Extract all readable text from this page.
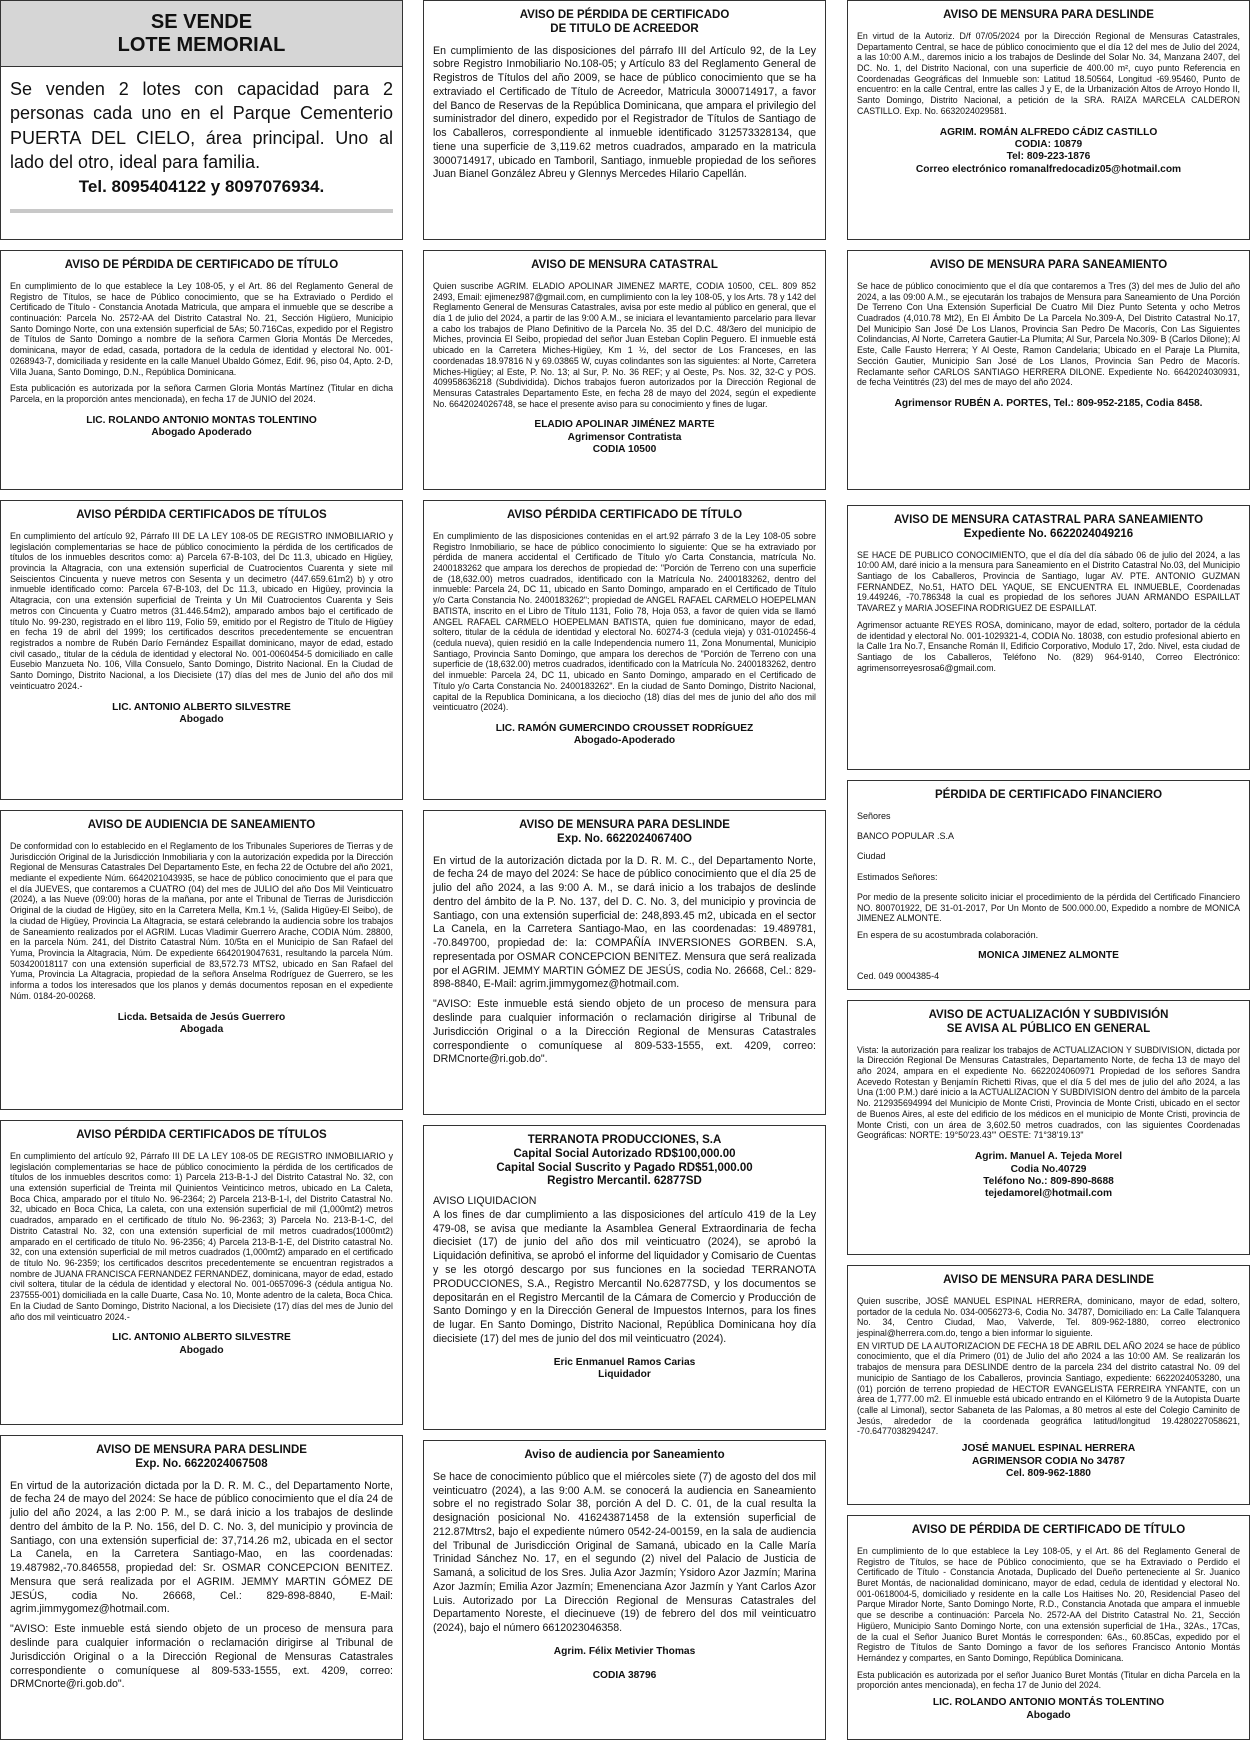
SE VENDE
LOTE MEMORIAL

Se venden 2 lotes con capacidad para 2 personas cada uno en el Parque Cementerio PUERTA DEL CIELO, área principal. Uno al lado del otro, ideal para familia.

Tel. 8095404122 y 8097076934.

AVISO DE PÉRDIDA DE CERTIFICADO DE TÍTULO

En cumplimiento de lo que establece la Ley 108-05, y el Art. 86 del Reglamento General de Registro de Títulos, se hace de Público conocimiento, que se ha Extraviado o Perdido el Certificado de Título - Constancia Anotada Matricula, que ampara el inmueble que se describe a continuación: Parcela No. 2572-AA del Distrito Catastral No. 21, Sección Higüero, Municipio Santo Domingo Norte, con una extensión superficial de 5As; 50.716Cas, expedido por el Registro de Títulos de Santo Domingo a nombre de la señora Carmen Gloria Montás De Mercedes, dominicana, mayor de edad, casada, portadora de la cedula de identidad y electoral No. 001-0268943-7, domiciliada y residente en la calle Manuel Ubaldo Gómez, Edif. 96, piso 04, Apto. 2-D, Villa Juana, Santo Domingo, D.N., República Dominicana.

Esta publicación es autorizada por la señora Carmen Gloria Montás Martínez (Titular en dicha Parcela, en la proporción antes mencionada), en fecha 17 de JUNIO del 2024.

LIC. ROLANDO ANTONIO MONTAS TOLENTINO
Abogado Apoderado
AVISO PÉRDIDA CERTIFICADOS DE TÍTULOS

En cumplimiento del artículo 92, Párrafo III DE LA LEY 108-05 DE REGISTRO INMOBILIARIO y legislación complementarias se hace de público conocimiento la pérdida de los certificados de títulos de los inmuebles descritos como: a) Parcela 67-B-103, del Dc 11.3, ubicado en Higüey, provincia la Altagracia, con una extensión superficial de Cuatrocientos Cuarenta y siete mil Seiscientos Cincuenta y nueve metros con Sesenta y un decimetro (447.659.61m2) b) y otro inmueble identificado como: Parcela 67-B-103, del Dc 11.3, ubicado en Higüey, provincia la Altagracia, con una extensión superficial de Treinta y Un Mil Cuatrocientos Cuarenta y Seis metros con Cincuenta y Cuatro metros (31.446.54m2), amparado ambos bajo el certificado de título No. 99-230, registrado en el libro 119, Folio 59, emitido por el Registro de Título de Higüey en fecha 19 de abril del 1999; los certificados descritos precedentemente se encuentran registrados a nombre de Rubén Darío Fernández Espaillat dominicano, mayor de edad, estado civil casado,, titular de la cédula de identidad y electoral No. 001-0060454-5 domiciliado en calle Eusebio Manzueta No. 106, Villa Consuelo, Santo Domingo, Distrito Nacional. En la Ciudad de Santo Domingo, Distrito Nacional, a los Diecisiete (17) días del mes de Junio del año dos mil veinticuatro 2024.-

LIC. ANTONIO ALBERTO SILVESTRE
Abogado
AVISO DE AUDIENCIA DE SANEAMIENTO

De conformidad con lo establecido en el Reglamento de los Tribunales Superiores de Tierras y de Jurisdicción Original de la Jurisdicción Inmobiliaria y con la autorización expedida por la Dirección Regional de Mensuras Catastrales Del Departamento Este, en fecha 22 de Octubre del año 2021, mediante el expediente Núm. 6642021043935, se hace de público conocimiento que el para que el día JUEVES, que contaremos a CUATRO (04) del mes de JULIO del año Dos Mil Veinticuatro (2024), a las Nueve (09:00) horas de la mañana, por ante el Tribunal de Tierras de Jurisdicción Original de la ciudad de Higüey, sito en la Carretera Mella, Km.1 ½, (Salida Higüey-El Seibo), de la ciudad de Higüey, Provincia La Altagracia, se estará celebrando la audiencia sobre los trabajos de Saneamiento realizados por el AGRIM. Lucas Vladimir Guerrero Arache, CODIA Núm. 28800, en la parcela Núm. 241, del Distrito Catastral Núm. 10/5ta en el Municipio de San Rafael del Yuma, Provincia la Altagracia, Núm. De expediente 6642019047631, resultando la parcela Núm. 503420018117 con una extensión superficial de 83,572.73 MTS2, ubicado en San Rafael del Yuma, Provincia La Altagracia, propiedad de la señora Anselma Rodríguez de Guerrero, se les informa a todos los interesados que los planos y demás documentos reposan en el expediente Núm. 0184-20-00268.

Licda. Betsaida de Jesús Guerrero
Abogada
AVISO PÉRDIDA CERTIFICADOS DE TÍTULOS

En cumplimiento del artículo 92, Párrafo III DE LA LEY 108-05 DE REGISTRO INMOBILIARIO y legislación complementarias se hace de público conocimiento la pérdida de los certificados de títulos de los inmuebles descritos como: 1) Parcela 213-B-1-J del Distrito Catastral No. 32, con una extensión superficial de Treinta mil Quinientos Veinticinco metros, ubicado en La Caleta, Boca Chica, amparado por el título No. 96-2364; 2) Parcela 213-B-1-I, del Distrito Catastral No. 32, ubicado en Boca Chica, La caleta, con una extensión superficial de mil (1,000mt2) metros cuadrados, amparado en el certificado de título No. 96-2363; 3) Parcela No. 213-B-1-C, del Distrito Catastral No. 32, con una extensión superficial de mil metros cuadrados(1000mt2) amparado en el certificado de título No. 96-2356; 4) Parcela 213-B-1-E, del Distrito catastral No. 32, con una extensión superficial de mil metros cuadrados (1,000mt2) amparado en el certificado de título No. 96-2359; los certificados descritos precedentemente se encuentran registrados a nombre de JUANA FRANCISCA FERNANDEZ FERNANDEZ, dominicana, mayor de edad, estado civil soltera, titular de la cédula de identidad y electoral No. 001-0657096-3 (cédula antigua No. 237555-001) domiciliada en la calle Duarte, Casa No. 10, Monte adentro de la caleta, Boca Chica. En la Ciudad de Santo Domingo, Distrito Nacional, a los Diecisiete (17) días del mes de Junio del año dos mil veinticuatro 2024.-

LIC. ANTONIO ALBERTO SILVESTRE
Abogado
AVISO DE MENSURA PARA DESLINDE
Exp. No. 6622024067508

En virtud de la autorización dictada por la D. R. M. C., del Departamento Norte, de fecha 24 de mayo del 2024: Se hace de público conocimiento que el día 24 de julio del año 2024, a las 2:00 P. M., se dará inicio a los trabajos de deslinde dentro del ámbito de la P. No. 156, del D. C. No. 3, del municipio y provincia de Santiago, con una extensión superficial de: 37,714.26 m2, ubicada en el sector La Canela, en la Carretera Santiago-Mao, en las coordenadas: 19.487982,-70.846558, propiedad del: Sr. OSMAR CONCEPCION BENITEZ. Mensura que será realizada por el AGRIM. JEMMY MARTIN GÓMEZ DE JESÚS, codia No. 26668, Cel.: 829-898-8840, E-Mail: agrim.jimmygomez@hotmail.com.

"AVISO: Este inmueble está siendo objeto de un proceso de mensura para deslinde para cualquier información o reclamación dirigirse al Tribunal de Jurisdicción Original o a la Dirección Regional de Mensuras Catastrales correspondiente o comuníquese al 809-533-1555, ext. 4209, correo: DRMCnorte@ri.gob.do".

AVISO DE PÉRDIDA DE CERTIFICADO
DE TITULO DE ACREEDOR

En cumplimiento de las disposiciones del párrafo III del Artículo 92, de la Ley sobre Registro Inmobiliario No.108-05; y Artículo 83 del Reglamento General de Registros de Títulos del año 2009, se hace de público conocimiento que se ha extraviado el Certificado de Título de Acreedor, Matricula 3000714917, a favor del Banco de Reservas de la República Dominicana, que ampara el privilegio del suministrador del dinero, expedido por el Registrador de Títulos de Santiago de los Caballeros, correspondiente al inmueble identificado 312573328134, que tiene una superficie de 3,119.62 metros cuadrados, amparado en la matricula 3000714917, ubicado en Tamboril, Santiago, inmueble propiedad de los señores Juan Bianel González Abreu y Glennys Mercedes Hilario Capellán.

AVISO DE MENSURA CATASTRAL

Quien suscribe AGRIM. ELADIO APOLINAR JIMENEZ MARTE, CODIA 10500, CEL. 809 852 2493, Email: ejimenez987@gmail.com, en cumplimiento con la ley 108-05, y los Arts. 78 y 142 del Reglamento General de Mensuras Catastrales, avisa por este medio al público en general, que el día 1 de julio del 2024, a partir de las 9:00 A.M., se iniciara el levantamiento parcelario para llevar a cabo los trabajos de Plano Definitivo de la Parcela No. 35 del D.C. 48/3ero del municipio de Miches, provincia El Seibo, propiedad del señor Juan Esteban Coplin Peguero. El inmueble está ubicado en la Carretera Miches-Higüey, Km 1 ½, del sector de Los Franceses, en las coordenadas 18.97816 N y 69.03865 W, cuyas colindantes son las siguientes: al Norte, Carretera Miches-Higüey; al Este, P. No. 13; al Sur, P. No. 36 REF; y al Oeste, Ps. Nos. 32, 32-C y POS. 409958636218 (Subdividida). Dichos trabajos fueron autorizados por la Dirección Regional de Mensuras Catastrales Departamento Este, en fecha 28 de mayo del 2024, según el expediente No. 6642024026748, se hace el presente aviso para su conocimiento y fines de lugar.

ELADIO APOLINAR JIMÉNEZ MARTE
Agrimensor Contratista
CODIA 10500
AVISO PÉRDIDA CERTIFICADO DE TÍTULO

En cumplimiento de las disposiciones contenidas en el art.92 párrafo 3 de la Ley 108-05 sobre Registro Inmobiliario, se hace de público conocimiento lo siguiente: Que se ha extraviado por pérdida de manera accidental el Certificado de Título y/o Carta Constancia, matrícula No. 2400183262 que ampara los derechos de propiedad de: "Porción de Terreno con una superficie de (18,632.00) metros cuadrados, identificado con la Matrícula No. 2400183262, dentro del inmueble: Parcela 24, DC 11, ubicado en Santo Domingo, amparado en el Certificado de Título y/o Carta Constancia No. 2400183262"; propiedad de ANGEL RAFAEL CARMELO HOEPELMAN BATISTA, inscrito en el Libro de Título 1131, Folio 78, Hoja 053, a favor de quien vida se llamó ANGEL RAFAEL CARMELO HOEPELMAN BATISTA, quien fue dominicano, mayor de edad, soltero, titular de la cédula de identidad y electoral No. 60274-3 (cedula vieja) y 031-0102456-4 (cedula nueva), quien residió en la calle Independencia numero 11, Zona Monumental, Municipio Santiago, Provincia Santo Domingo, que ampara los derechos de "Porción de Terreno con una superficie de (18,632.00) metros cuadrados, identificado con la Matrícula No. 2400183262, dentro del inmueble: Parcela 24, DC 11, ubicado en Santo Domingo, amparado en el Certificado de Título y/o Carta Constancia No. 2400183262". En la ciudad de Santo Domingo, Distrito Nacional, capital de la Republica Dominicana, a los dieciocho (18) días del mes de junio del año dos mil veinticuatro (2024).

LIC. RAMÓN GUMERCINDO CROUSSET RODRÍGUEZ
Abogado-Apoderado
AVISO DE MENSURA PARA DESLINDE
Exp. No. 662202406740O

En virtud de la autorización dictada por la D. R. M. C., del Departamento Norte, de fecha 24 de mayo del 2024: Se hace de público conocimiento que el día 25 de julio del año 2024, a las 9:00 A. M., se dará inicio a los trabajos de deslinde dentro del ámbito de la P. No. 137, del D. C. No. 3, del municipio y provincia de Santiago, con una extensión superficial de: 248,893.45 m2, ubicada en el sector La Canela, en la Carretera Santiago-Mao, en las coordenadas: 19.489781, -70.849700, propiedad de: la: COMPAÑÍA INVERSIONES GORBEN. S.A, representada por OSMAR CONCEPCION BENITEZ. Mensura que será realizada por el AGRIM. JEMMY MARTIN GÓMEZ DE JESÚS, codia No. 26668, Cel.: 829-898-8840, E-Mail: agrim.jimmygomez@hotmail.com.

"AVISO: Este inmueble está siendo objeto de un proceso de mensura para deslinde para cualquier información o reclamación dirigirse al Tribunal de Jurisdicción Original o a la Dirección Regional de Mensuras Catastrales correspondiente o comuníquese al 809-533-1555, ext. 4209, correo: DRMCnorte@ri.gob.do".

TERRANOTA PRODUCCIONES, S.A
Capital Social Autorizado RD$100,000.00
Capital Social Suscrito y Pagado RD$51,000.00
Registro Mercantil. 62877SD

AVISO LIQUIDACION

A los fines de dar cumplimiento a las disposiciones del artículo 419 de la Ley 479-08, se avisa que mediante la Asamblea General Extraordinaria de fecha diecisiet (17) de junio del año dos mil veinticuatro (2024), se aprobó la Liquidación definitiva, se aprobó el informe del liquidador y Comisario de Cuentas y se les otorgó descargo por sus funciones en la sociedad TERRANOTA PRODUCCIONES, S.A., Registro Mercantil No.62877SD, y los documentos se depositarán en el Registro Mercantil de la Cámara de Comercio y Producción de Santo Domingo y en la Dirección General de Impuestos Internos, para los fines de lugar. En Santo Domingo, Distrito Nacional, República Dominicana hoy día diecisiete (17) del mes de junio del dos mil veinticuatro (2024).

Eric Enmanuel Ramos Carias
Liquidador
Aviso de audiencia por Saneamiento

Se hace de conocimiento público que el miércoles siete (7) de agosto del dos mil veinticuatro (2024), a las 9:00 A.M. se conocerá la audiencia en Saneamiento sobre el no registrado Solar 38, porción A del D. C. 01, de la cual resulta la designación posicional No. 416243871458 de la extensión superficial de 212.87Mtrs2, bajo el expediente número 0542-24-00159, en la sala de audiencia del Tribunal de Jurisdicción Original de Samaná, ubicado en la Calle María Trinidad Sánchez No. 17, en el segundo (2) nivel del Palacio de Justicia de Samaná, a solicitud de los Sres. Julia Azor Jazmín; Ysidoro Azor Jazmín; Marina Azor Jazmín; Emilia Azor Jazmín; Emenenciana Azor Jazmín y Yant Carlos Azor Luis. Autorizado por La Dirección Regional de Mensuras Catastrales del Departamento Noreste, el diecinueve (19) de febrero del dos mil veinticuatro (2024), bajo el número 6612023046358.

Agrim. Félix Metivier Thomas
CODIA 38796
AVISO DE MENSURA PARA DESLINDE

En virtud de la Autoriz. D/f 07/05/2024 por la Dirección Regional de Mensuras Catastrales, Departamento Central, se hace de público conocimiento que el día 12 del mes de Julio del 2024, a las 10:00 A.M., daremos inicio a los trabajos de Deslinde del Solar No. 34, Manzana 2407, del DC. No. 1, del Distrito Nacional, con una superficie de 400.00 m², cuyo punto Referencia en Coordenadas Geográficas del Inmueble son: Latitud 18.50564, Longitud -69.95460, Punto de encuentro: en la calle Central, entre las calles J y E, de la Urbanización Altos de Arroyo Hondo II, Santo Domingo, Distrito Nacional, a petición de la SRA. RAIZA MARCELA CALDERON CASTILLO. Exp. No. 6632024029581.

AGRIM. ROMÁN ALFREDO CÁDIZ CASTILLO
CODIA: 10879
Tel: 809-223-1876
Correo electrónico romanalfredocadiz05@hotmail.com
AVISO DE MENSURA PARA SANEAMIENTO

Se hace de público conocimiento que el día que contaremos a Tres (3) del mes de Julio del año 2024, a las 09:00 A.M., se ejecutarán los trabajos de Mensura para Saneamiento de Una Porción De Terreno Con Una Extensión Superficial De Cuatro Mil Diez Punto Setenta y ocho Metros Cuadrados (4,010.78 Mt2), En El Ámbito De La Parcela No.309-A, Del Distrito Catastral No.17, Del Municipio San José De Los Llanos, Provincia San Pedro De Macorís, Con Las Siguientes Colindancias, Al Norte, Carretera Gautier-La Plumita; Al Sur, Parcela No.309- B (Carlos Dilone); Al Este, Calle Fausto Herrera; Y Al Oeste, Ramon Candelaria; Ubicado en el Paraje La Plumita, Sección Gautier, Municipio San José de Los Llanos, Provincia San Pedro de Macorís. Reclamante señor CARLOS SANTIAGO HERRERA DILONE. Expediente No. 6642024030931, de fecha Veintitrés (23) del mes de mayo del año 2024.

Agrimensor RUBÉN A. PORTES, Tel.: 809-952-2185, Codia 8458.
AVISO DE MENSURA CATASTRAL PARA SANEAMIENTO
Expediente No. 6622024049216

SE HACE DE PUBLICO CONOCIMIENTO, que el día del día sábado 06 de julio del 2024, a las 10:00 AM, daré inicio a la mensura para Saneamiento en el Distrito Catastral No.03, del Municipio Santiago de los Caballeros, Provincia de Santiago, lugar AV. PTE. ANTONIO GUZMAN FERNANDEZ, No.51, HATO DEL YAQUE, SE ENCUENTRA EL INMUEBLE, Coordenadas 19.449246, -70.786348 la cual es propiedad de los señores JUAN ARMANDO ESPAILLAT TAVAREZ y MARIA JOSEFINA RODRIGUEZ DE ESPAILLAT.

Agrimensor actuante REYES ROSA, dominicano, mayor de edad, soltero, portador de la cédula de identidad y electoral No. 001-1029321-4, CODIA No. 18038, con estudio profesional abierto en la Calle 1ra No.7, Ensanche Román II, Edificio Corporativo, Modulo 17, 2do. Nivel, esta ciudad de Santiago de los Caballeros, Teléfono No. (829) 964-9140, Correo Electrónico: agrimensorreyesrosa6@gmail.com.

PÉRDIDA DE CERTIFICADO FINANCIERO

Señores

BANCO POPULAR .S.A

Ciudad

Estimados Señores:

Por medio de la presente solicito iniciar el procedimiento de la pérdida del Certificado Financiero NO. 800701922, DE 31-01-2017, Por Un Monto de 500.000.00, Expedido a nombre de MONICA JIMENEZ ALMONTE.

En espera de su acostumbrada colaboración.

MONICA JIMENEZ ALMONTE

Ced. 049 0004385-4

AVISO DE ACTUALIZACIÓN Y SUBDIVISIÓN
SE AVISA AL PÚBLICO EN GENERAL

Vista: la autorización para realizar los trabajos de ACTUALIZACION Y SUBDIVISION, dictada por la Dirección Regional De Mensuras Catastrales, Departamento Norte, de fecha 13 de mayo del año 2024, ampara en el expediente No. 6622024060971 Propiedad de los señores Sandra Acevedo Rotestan y Benjamín Richetti Rivas, que el día 5 del mes de julio del año 2024, a las Una (1:00 P.M.) daré inicio a la ACTUALIZACION Y SUBDIVISION dentro del ámbito de la parcela No. 212935694994 del Municipio de Monte Cristi, Provincia de Monte Cristi, ubicado en el sector de Buenos Aires, al este del edificio de los médicos en el municipio de Monte Cristi, provincia de Monte Cristi, con un área de 3,602.50 metros cuadrados, con las siguientes Coordenadas Geográficas: NORTE: 19°50'23.43'" OESTE: 71°38'19.13"

Agrim. Manuel A. Tejeda Morel
Codia No.40729
Teléfono No.: 809-890-8688
tejedamorel@hotmail.com
AVISO DE MENSURA PARA DESLINDE

Quien suscribe, JOSÉ MANUEL ESPINAL HERRERA, dominicano, mayor de edad, soltero, portador de la cedula No. 034-0056273-6, Codia No. 34787, Domiciliado en: La Calle Talanquera No. 34, Centro Ciudad, Mao, Valverde, Tel. 809-962-1880, correo electronico jespinal@herrera.com.do, tengo a bien informar lo siguiente.

EN VIRTUD DE LA AUTORIZACION DE FECHA 18 DE ABRIL DEL AÑO 2024 se hace de público conocimiento, que el día Primero (01) de Julio del año 2024 a las 10:00 AM. Se realizarán los trabajos de mensura para DESLINDE dentro de la parcela 234 del distrito catastral No. 09 del municipio de Santiago de los Caballeros, provincia Santiago, expediente: 6622024053280, una (01) porción de terreno propiedad de HECTOR EVANGELISTA FERREIRA YNFANTE, con un área de 1,777.00 m2. El inmueble está ubicado entrando en el Kilómetro 9 de la Autopista Duarte (calle al Limonal), sector Sabaneta de las Palomas, a 80 metros al este del Colegio Caminito de Jesús, alrededor de la coordenada geográfica latitud/longitud 19.4280227058621, -70.6477038294247.

JOSÉ MANUEL ESPINAL HERRERA
AGRIMENSOR CODIA No 34787
Cel. 809-962-1880
AVISO DE PÉRDIDA DE CERTIFICADO DE TÍTULO

En cumplimiento de lo que establece la Ley 108-05, y el Art. 86 del Reglamento General de Registro de Títulos, se hace de Público conocimiento, que se ha Extraviado o Perdido el Certificado de Título - Constancia Anotada, Duplicado del Dueño perteneciente al Sr. Juanico Buret Montás, de nacionalidad dominicano, mayor de edad, cedula de identidad y electoral No. 001-0618004-5, domiciliado y residente en la calle Los Haitises No. 20, Residencial Paseo del Parque Mirador Norte, Santo Domingo Norte, R.D., Constancia Anotada que ampara el inmueble que se describe a continuación: Parcela No. 2572-AA del Distrito Catastral No. 21, Sección Higüero, Municipio Santo Domingo Norte, con una extensión superficial de 1Ha., 32As., 17Cas, de la cual el Señor Juanico Buret Montás le corresponden: 6As., 60.85Cas, expedido por el Registro de Títulos de Santo Domingo a favor de los señores Francisco Antonio Montás Hernández y compartes, en Santo Domingo, República Dominicana.

Esta publicación es autorizada por el señor Juanico Buret Montás (Titular en dicha Parcela en la proporción antes mencionada), en fecha 17 de Junio del 2024.

LIC. ROLANDO ANTONIO MONTÁS TOLENTINO
Abogado
